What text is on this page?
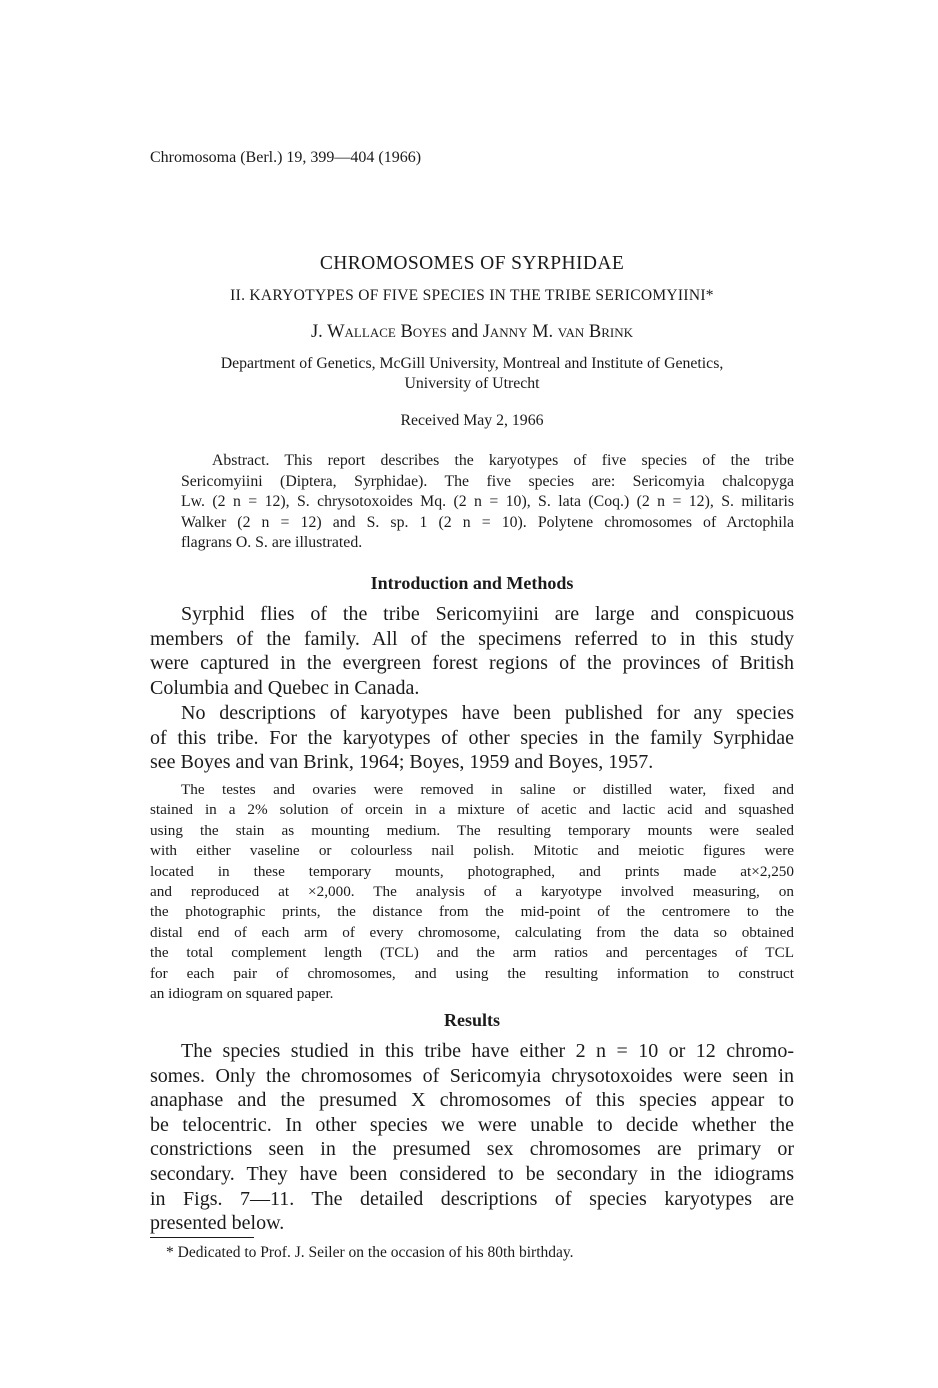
Chromosoma (Berl.) 19, 399—404 (1966)
CHROMOSOMES OF SYRPHIDAE
II. KARYOTYPES OF FIVE SPECIES IN THE TRIBE SERICOMYIINI*
J. Wallace Boyes and Janny M. van Brink
Department of Genetics, McGill University, Montreal and Institute of Genetics,
University of Utrecht
Received May 2, 1966
Abstract. This report describes the karyotypes of five species of the tribe
Sericomyiini (Diptera, Syrphidae). The five species are: Sericomyia chalcopyga
Lw. (2 n = 12), S. chrysotoxoides Mq. (2 n = 10), S. lata (Coq.) (2 n = 12), S. militaris
Walker (2 n = 12) and S. sp. 1 (2 n = 10). Polytene chromosomes of Arctophila
flagrans O. S. are illustrated.
Introduction and Methods
Syrphid flies of the tribe Sericomyiini are large and conspicuous
members of the family. All of the specimens referred to in this study
were captured in the evergreen forest regions of the provinces of British
Columbia and Quebec in Canada.
No descriptions of karyotypes have been published for any species
of this tribe. For the karyotypes of other species in the family Syrphidae
see Boyes and van Brink, 1964; Boyes, 1959 and Boyes, 1957.
The testes and ovaries were removed in saline or distilled water, fixed and
stained in a 2% solution of orcein in a mixture of acetic and lactic acid and squashed
using the stain as mounting medium. The resulting temporary mounts were sealed
with either vaseline or colourless nail polish. Mitotic and meiotic figures were
located in these temporary mounts, photographed, and prints made at×2,250
and reproduced at ×2,000. The analysis of a karyotype involved measuring, on
the photographic prints, the distance from the mid-point of the centromere to the
distal end of each arm of every chromosome, calculating from the data so obtained
the total complement length (TCL) and the arm ratios and percentages of TCL
for each pair of chromosomes, and using the resulting information to construct
an idiogram on squared paper.
Results
The species studied in this tribe have either 2 n = 10 or 12 chromo-
somes. Only the chromosomes of Sericomyia chrysotoxoides were seen in
anaphase and the presumed X chromosomes of this species appear to
be telocentric. In other species we were unable to decide whether the
constrictions seen in the presumed sex chromosomes are primary or
secondary. They have been considered to be secondary in the idiograms
in Figs. 7—11. The detailed descriptions of species karyotypes are
presented below.
* Dedicated to Prof. J. Seiler on the occasion of his 80th birthday.
